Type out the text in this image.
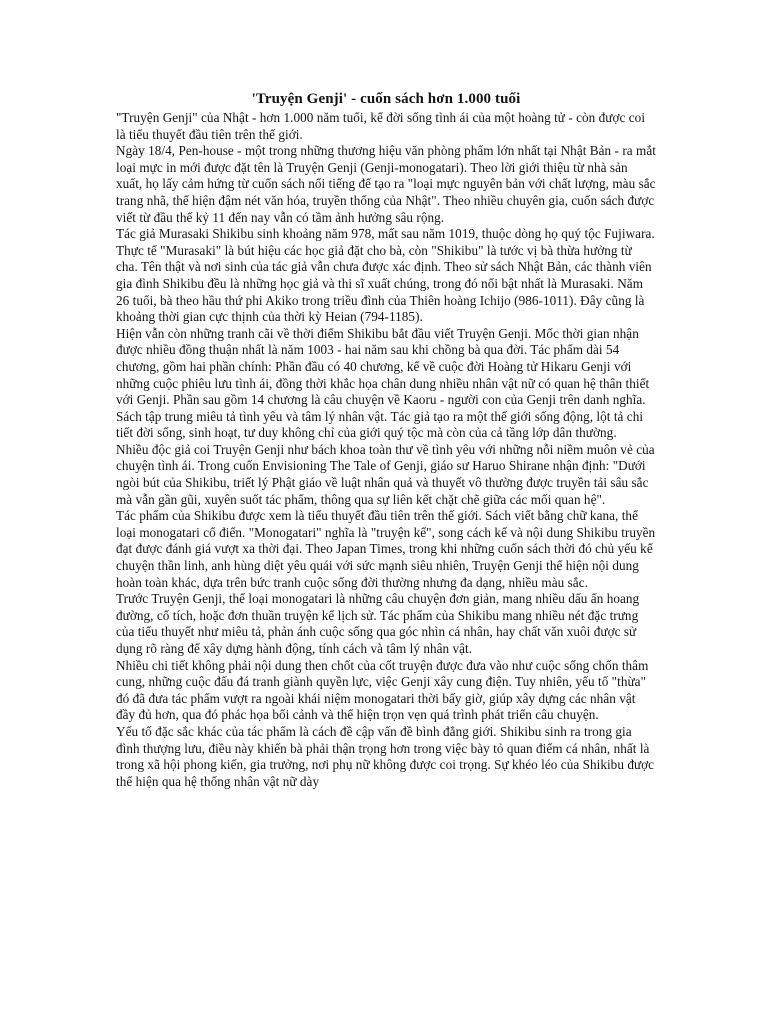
'Truyện Genji' - cuốn sách hơn 1.000 tuổi

"Truyện Genji" của Nhật - hơn 1.000 năm tuổi, kể đời sống tình ái của một hoàng tử - còn được coi là tiểu thuyết đầu tiên trên thế giới.

Ngày 18/4, Pen-house - một trong những thương hiệu văn phòng phẩm lớn nhất tại Nhật Bản - ra mắt loại mực in mới được đặt tên là Truyện Genji (Genji-monogatari). Theo lời giới thiệu từ nhà sản xuất, họ lấy cảm hứng từ cuốn sách nổi tiếng để tạo ra "loại mực nguyên bản với chất lượng, màu sắc trang nhã, thể hiện đậm nét văn hóa, truyền thống của Nhật". Theo nhiều chuyên gia, cuốn sách được viết từ đầu thế kỷ 11 đến nay vẫn có tầm ảnh hưởng sâu rộng.

Tác giả Murasaki Shikibu sinh khoảng năm 978, mất sau năm 1019, thuộc dòng họ quý tộc Fujiwara. Thực tế "Murasaki" là bút hiệu các học giả đặt cho bà, còn "Shikibu" là tước vị bà thừa hưởng từ cha. Tên thật và nơi sinh của tác giả vẫn chưa được xác định. Theo sử sách Nhật Bản, các thành viên gia đình Shikibu đều là những học giả và thi sĩ xuất chúng, trong đó nổi bật nhất là Murasaki. Năm 26 tuổi, bà theo hầu thứ phi Akiko trong triều đình của Thiên hoàng Ichijo (986-1011). Đây cũng là khoảng thời gian cực thịnh của thời kỳ Heian (794-1185).

Hiện vẫn còn những tranh cãi về thời điểm Shikibu bắt đầu viết Truyện Genji. Mốc thời gian nhận được nhiều đồng thuận nhất là năm 1003 - hai năm sau khi chồng bà qua đời. Tác phẩm dài 54 chương, gồm hai phần chính: Phần đầu có 40 chương, kể về cuộc đời Hoàng tử Hikaru Genji với những cuộc phiêu lưu tình ái, đồng thời khắc họa chân dung nhiều nhân vật nữ có quan hệ thân thiết với Genji. Phần sau gồm 14 chương là câu chuyện về Kaoru - người con của Genji trên danh nghĩa. Sách tập trung miêu tả tình yêu và tâm lý nhân vật. Tác giả tạo ra một thế giới sống động, lột tả chi tiết đời sống, sinh hoạt, tư duy không chỉ của giới quý tộc mà còn của cả tầng lớp dân thường.

Nhiều độc giả coi Truyện Genji như bách khoa toàn thư về tình yêu với những nỗi niềm muôn vẻ của chuyện tình ái. Trong cuốn Envisioning The Tale of Genji, giáo sư Haruo Shirane nhận định: "Dưới ngòi bút của Shikibu, triết lý Phật giáo về luật nhân quả và thuyết vô thường được truyền tải sâu sắc mà vẫn gần gũi, xuyên suốt tác phẩm, thông qua sự liên kết chặt chẽ giữa các mối quan hệ".

Tác phẩm của Shikibu được xem là tiểu thuyết đầu tiên trên thế giới. Sách viết bằng chữ kana, thể loại monogatari cổ điển. "Monogatari" nghĩa là "truyện kể", song cách kể và nội dung Shikibu truyền đạt được đánh giá vượt xa thời đại. Theo Japan Times, trong khi những cuốn sách thời đó chủ yếu kể chuyện thần linh, anh hùng diệt yêu quái với sức mạnh siêu nhiên, Truyện Genji thể hiện nội dung hoàn toàn khác, dựa trên bức tranh cuộc sống đời thường nhưng đa dạng, nhiều màu sắc.

Trước Truyện Genji, thể loại monogatari là những câu chuyện đơn giản, mang nhiều dấu ấn hoang đường, cổ tích, hoặc đơn thuần truyện kể lịch sử. Tác phẩm của Shikibu mang nhiều nét đặc trưng của tiểu thuyết như miêu tả, phản ánh cuộc sống qua góc nhìn cá nhân, hay chất văn xuôi được sử dụng rõ ràng để xây dựng hành động, tính cách và tâm lý nhân vật.

Nhiều chi tiết không phải nội dung then chốt của cốt truyện được đưa vào như cuộc sống chốn thâm cung, những cuộc đấu đá tranh giành quyền lực, việc Genji xây cung điện. Tuy nhiên, yếu tố "thừa" đó đã đưa tác phẩm vượt ra ngoài khái niệm monogatari thời bấy giờ, giúp xây dựng các nhân vật đầy đủ hơn, qua đó phác họa bối cảnh và thể hiện trọn vẹn quá trình phát triển câu chuyện.

Yếu tố đặc sắc khác của tác phẩm là cách đề cập vấn đề bình đẳng giới. Shikibu sinh ra trong gia đình thượng lưu, điều này khiến bà phải thận trọng hơn trong việc bày tỏ quan điểm cá nhân, nhất là trong xã hội phong kiến, gia trưởng, nơi phụ nữ không được coi trọng. Sự khéo léo của Shikibu được thể hiện qua hệ thống nhân vật nữ dày
